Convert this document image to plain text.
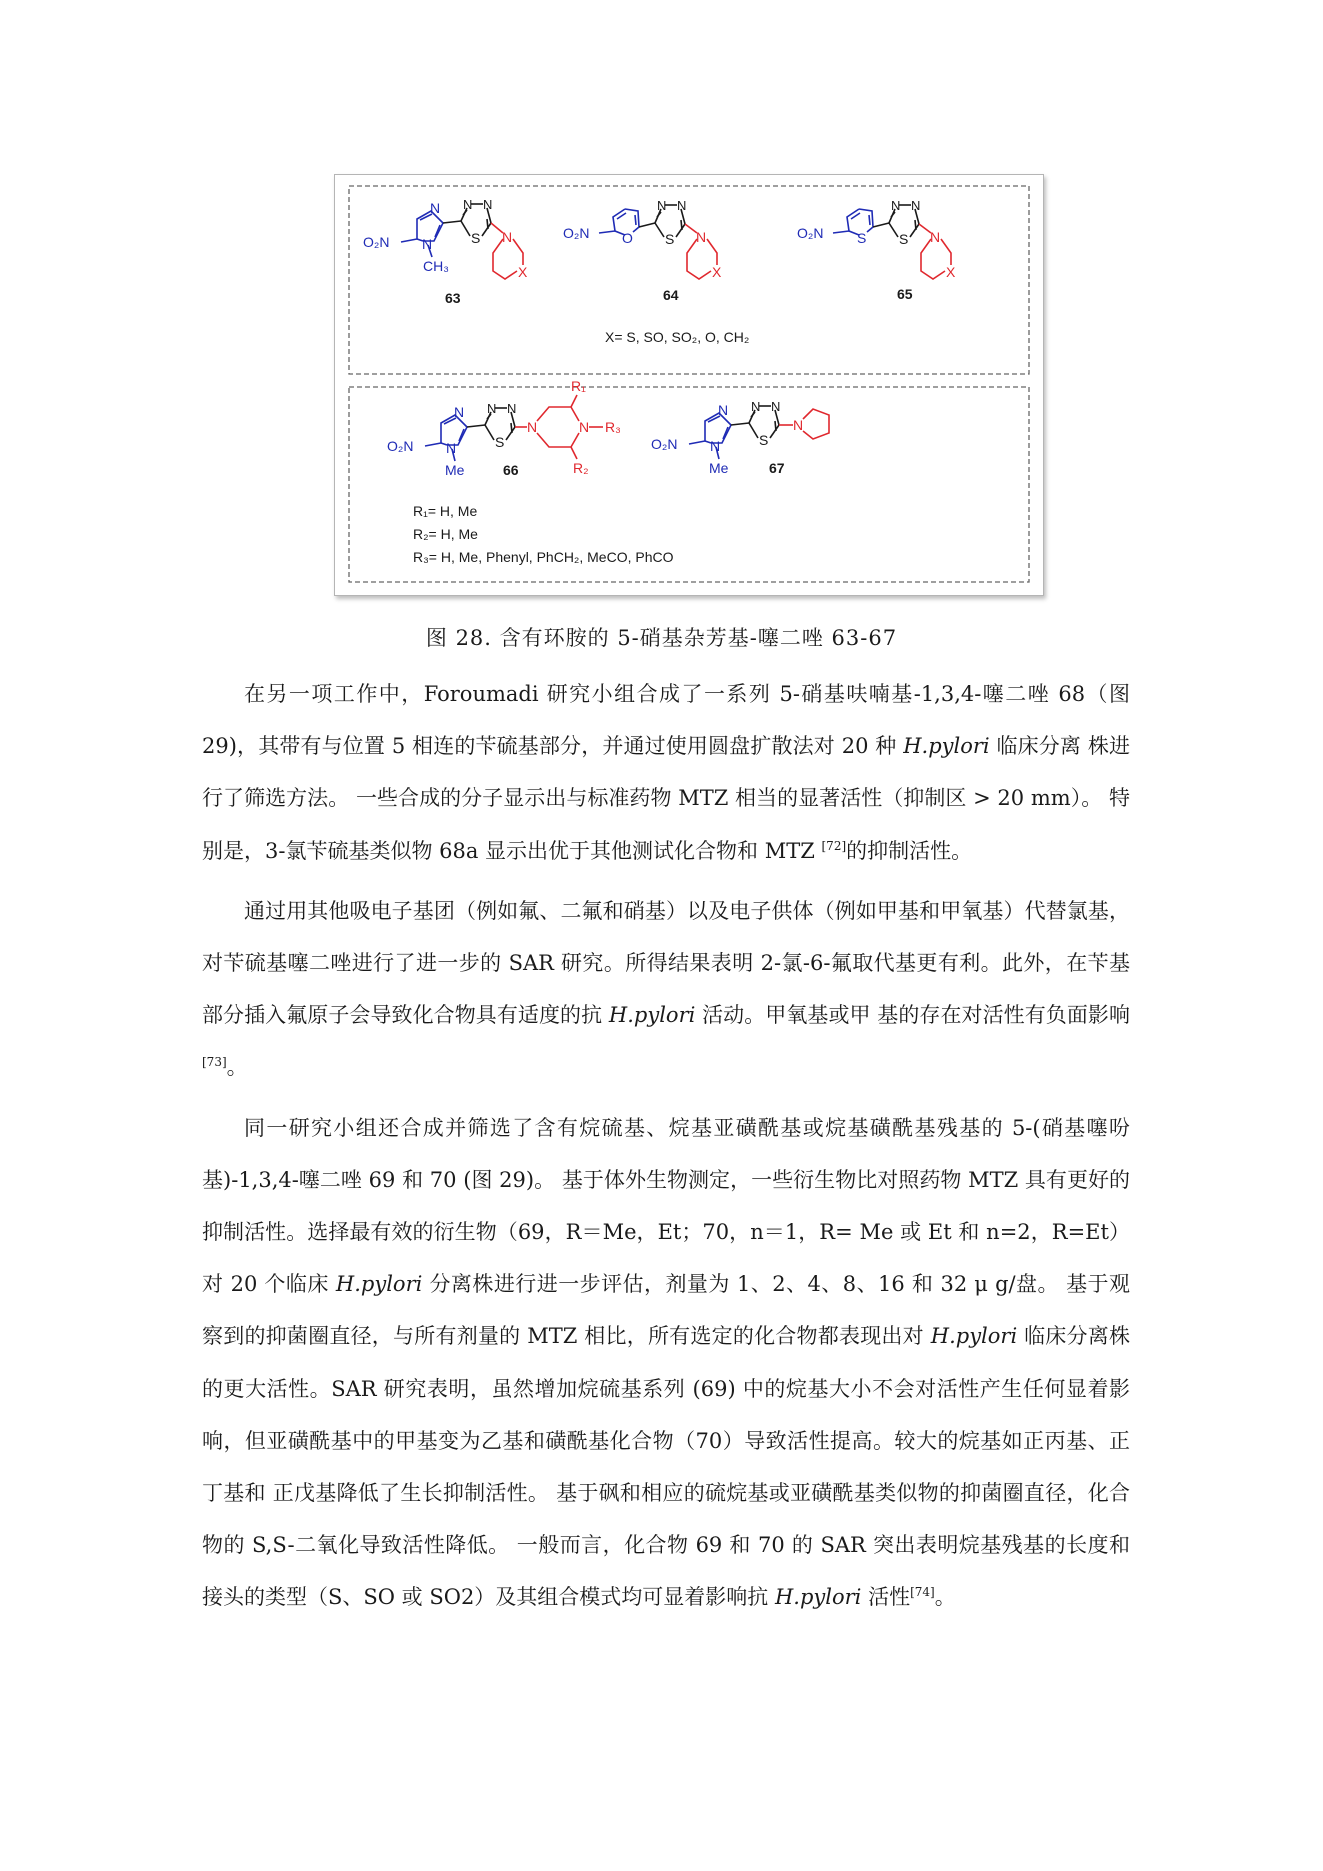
O₂N N
N
CH₃
N N
S N
X
63
O₂N O
N N
S N
X
64
O₂N S
N N
S N
X
65
X= S, SO, SO₂, O, CH₂
O₂N N
N
Me
N N
S
N	N
R₁
R₂
R₃
66
O₂N N
N
Me
N N
S
N
67
R₁= H, Me
R₂= H, Me
R₃= H, Me, Phenyl, PhCH₂, MeCO, PhCO
图 28. 含有环胺的 5-硝基杂芳基-噻二唑 63-67

在另一项工作中，Foroumadi 研究小组合成了一系列 5-硝基呋喃基-1,3,4-噻二唑 68（图 29)，其带有与位置 5 相连的苄硫基部分，并通过使用圆盘扩散法对 20 种 H.pylori 临床分离 株进行了筛选方法。 一些合成的分子显示出与标准药物 MTZ 相当的显著活性（抑制区 > 20 mm）。 特别是，3-氯苄硫基类似物 68a 显示出优于其他测试化合物和 MTZ [72]的抑制活性。

通过用其他吸电子基团（例如氟、二氟和硝基）以及电子供体（例如甲基和甲氧基）代替氯基，对苄硫基噻二唑进行了进一步的 SAR 研究。所得结果表明 2-氯-6-氟取代基更有利。此外，在苄基部分插入氟原子会导致化合物具有适度的抗 H.pylori 活动。甲氧基或甲 基的存在对活性有负面影响[73]。

同一研究小组还合成并筛选了含有烷硫基、烷基亚磺酰基或烷基磺酰基残基的 5-(硝基噻吩基)-1,3,4-噻二唑 69 和 70 (图 29)。 基于体外生物测定，一些衍生物比对照药物 MTZ 具有更好的抑制活性。选择最有效的衍生物（69，R＝Me，Et；70，n＝1，R= Me 或 Et 和 n=2，R=Et）对 20 个临床 H.pylori 分离株进行进一步评估，剂量为 1、2、4、8、16 和 32 μ g/盘。 基于观察到的抑菌圈直径，与所有剂量的 MTZ 相比，所有选定的化合物都表现出对 H.pylori 临床分离株的更大活性。SAR 研究表明，虽然增加烷硫基系列 (69) 中的烷基大小不会对活性产生任何显着影响，但亚磺酰基中的甲基变为乙基和磺酰基化合物（70）导致活性提高。较大的烷基如正丙基、正丁基和 正戊基降低了生长抑制活性。 基于砜和相应的硫烷基或亚磺酰基类似物的抑菌圈直径，化合物的 S,S-二氧化导致活性降低。 一般而言，化合物 69 和 70 的 SAR 突出表明烷基残基的长度和接头的类型（S、SO 或 SO2）及其组合模式均可显着影响抗 H.pylori 活性[74]。
